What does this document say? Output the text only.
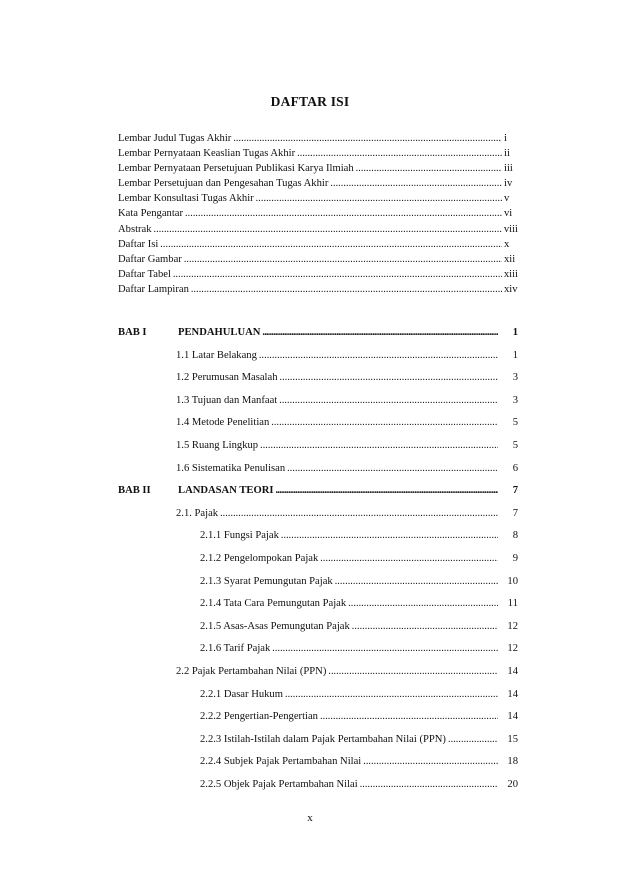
DAFTAR ISI
Lembar Judul Tugas Akhir . . .	i
Lembar Pernyataan Keaslian Tugas Akhir . . .	ii
Lembar Pernyataan Persetujuan Publikasi Karya Ilmiah . . .	iii
Lembar Persetujuan dan Pengesahan Tugas Akhir . . .	iv
Lembar Konsultasi Tugas Akhir . . .	v
Kata Pengantar . . .	vi
Abstrak . . .	viii
Daftar Isi . . .	x
Daftar Gambar . . .	xii
Daftar Tabel . . .	xiii
Daftar Lampiran . . .	xiv
BAB I	PENDAHULUAN . . .	1
1.1 Latar Belakang . . .	1
1.2 Perumusan Masalah . . .	3
1.3 Tujuan dan Manfaat . . .	3
1.4 Metode Penelitian . . .	5
1.5 Ruang Lingkup . . .	5
1.6 Sistematika Penulisan . . .	6
BAB II	LANDASAN TEORI . . .	7
2.1. Pajak . . .	7
2.1.1 Fungsi Pajak . . .	8
2.1.2 Pengelompokan Pajak . . .	9
2.1.3 Syarat Pemungutan Pajak . . .	10
2.1.4 Tata Cara Pemungutan Pajak . . .	11
2.1.5 Asas-Asas Pemungutan Pajak . . .	12
2.1.6 Tarif Pajak . . .	12
2.2 Pajak Pertambahan Nilai (PPN) . . .	14
2.2.1 Dasar Hukum . . .	14
2.2.2 Pengertian-Pengertian . . .	14
2.2.3 Istilah-Istilah dalam Pajak Pertambahan Nilai (PPN) . . .	15
2.2.4 Subjek Pajak Pertambahan Nilai . . .	18
2.2.5 Objek Pajak Pertambahan Nilai . . .	20
x
